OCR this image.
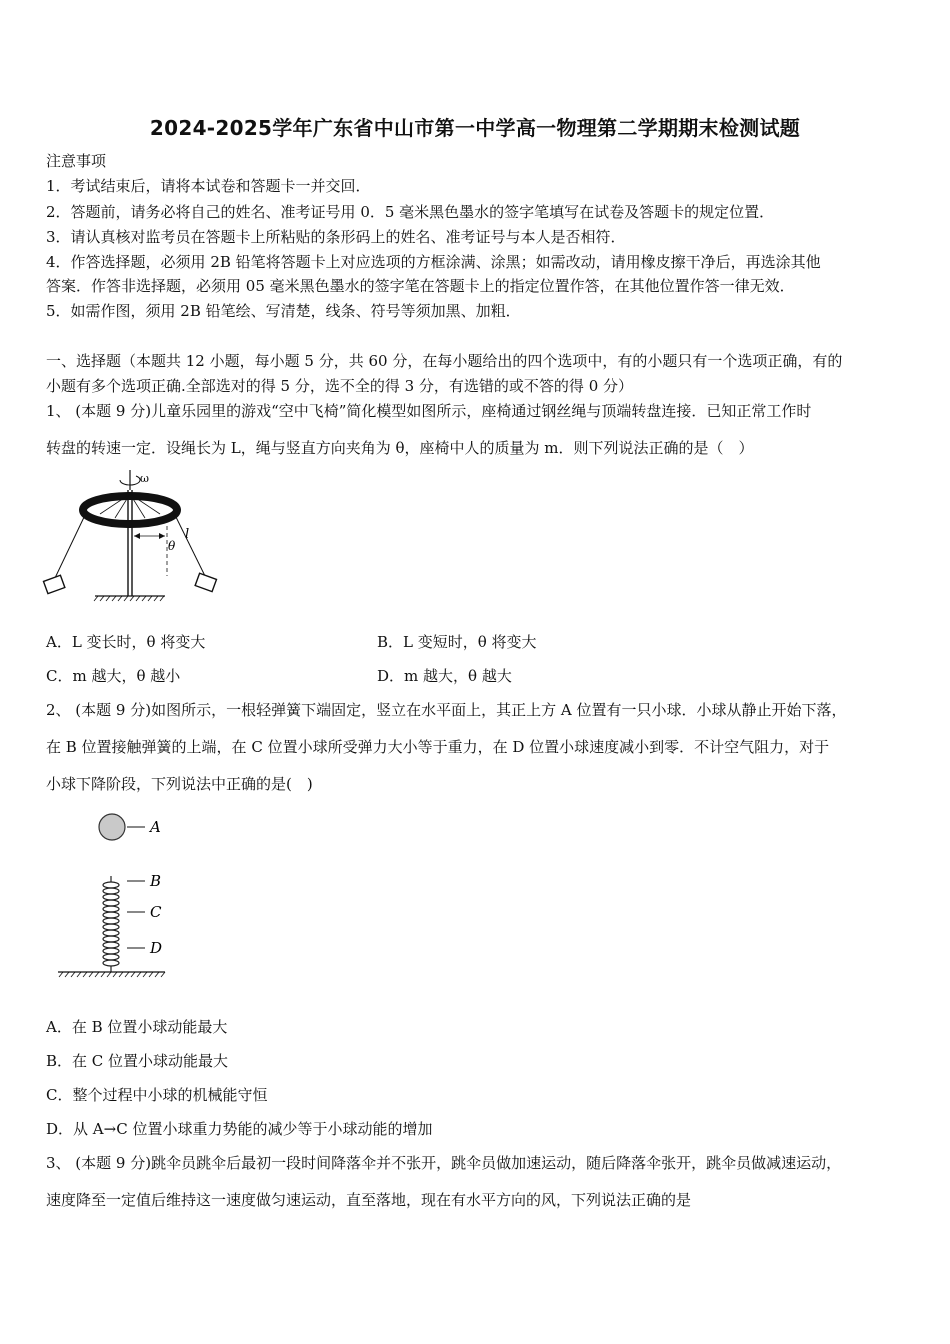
2024-2025学年广东省中山市第一中学高一物理第二学期期末检测试题
注意事项
1．考试结束后，请将本试卷和答题卡一并交回．
2．答题前，请务必将自己的姓名、准考证号用 0．5 毫米黑色墨水的签字笔填写在试卷及答题卡的规定位置．
3．请认真核对监考员在答题卡上所粘贴的条形码上的姓名、准考证号与本人是否相符．
4．作答选择题，必须用 2B 铅笔将答题卡上对应选项的方框涂满、涂黑；如需改动，请用橡皮擦干净后，再选涂其他
答案．作答非选择题，必须用 05 毫米黑色墨水的签字笔在答题卡上的指定位置作答，在其他位置作答一律无效．
5．如需作图，须用 2B 铅笔绘、写清楚，线条、符号等须加黑、加粗．
一、选择题（本题共 12 小题，每小题 5 分，共 60 分，在每小题给出的四个选项中，有的小题只有一个选项正确，有的
小题有多个选项正确.全部选对的得 5 分，选不全的得 3 分，有选错的或不答的得 0 分）
1、 (本题 9 分)儿童乐园里的游戏“空中飞椅”简化模型如图所示，座椅通过钢丝绳与顶端转盘连接．已知正常工作时
转盘的转速一定．设绳长为 L，绳与竖直方向夹角为 θ，座椅中人的质量为 m．则下列说法正确的是（　）
ω
l
θ
A．L 变长时，θ 将变大	B．L 变短时，θ 将变大
C．m 越大，θ 越小	D．m 越大，θ 越大
2、 (本题 9 分)如图所示，一根轻弹簧下端固定，竖立在水平面上，其正上方 A 位置有一只小球．小球从静止开始下落，
在 B 位置接触弹簧的上端，在 C 位置小球所受弹力大小等于重力，在 D 位置小球速度减小到零．不计空气阻力，对于
小球下降阶段，下列说法中正确的是(　)
A
B
C
D
A．在 B 位置小球动能最大
B．在 C 位置小球动能最大
C．整个过程中小球的机械能守恒
D．从 A→C 位置小球重力势能的减少等于小球动能的增加
3、 (本题 9 分)跳伞员跳伞后最初一段时间降落伞并不张开，跳伞员做加速运动，随后降落伞张开，跳伞员做减速运动，
速度降至一定值后维持这一速度做匀速运动，直至落地，现在有水平方向的风，下列说法正确的是
